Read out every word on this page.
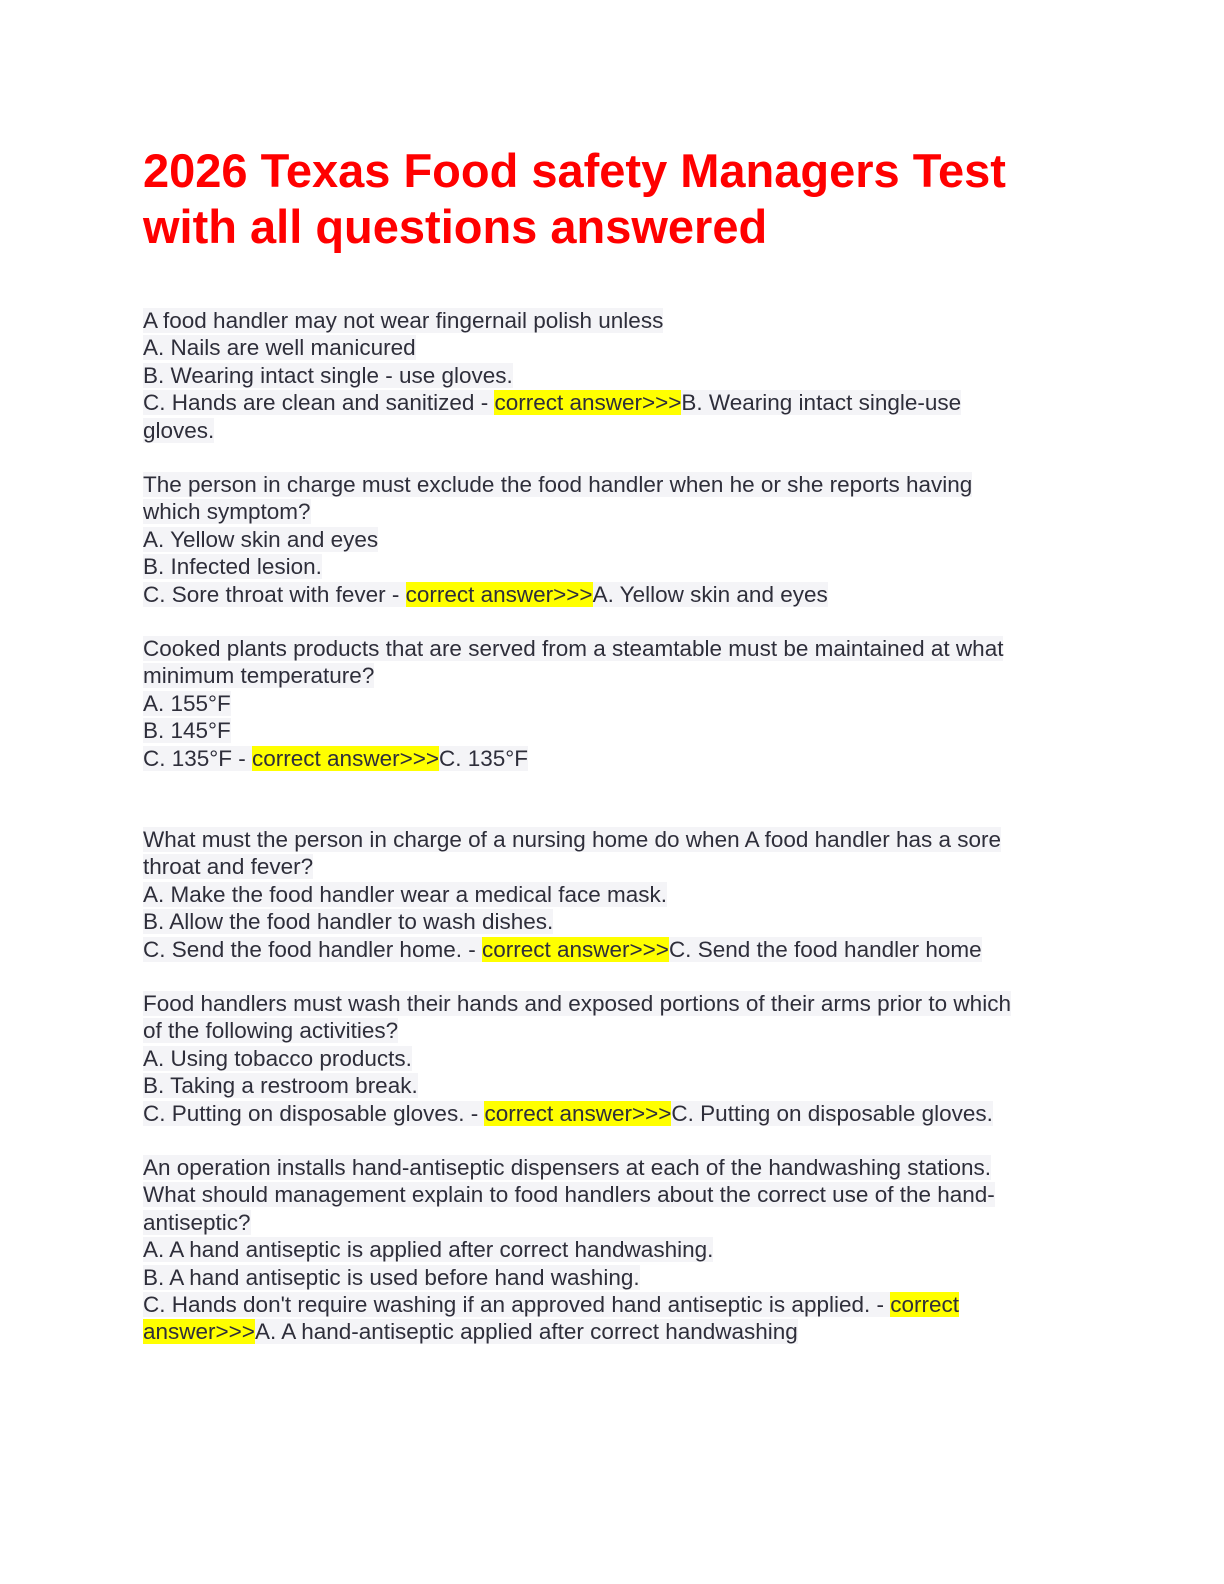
2026 Texas Food safety Managers Test
with all questions answered
A food handler may not wear fingernail polish unless
A. Nails are well manicured
B. Wearing intact single - use gloves.
C. Hands are clean and sanitized - correct answer>>>B. Wearing intact single-use
gloves.
The person in charge must exclude the food handler when he or she reports having
which symptom?
A. Yellow skin and eyes
B. Infected lesion.
C. Sore throat with fever - correct answer>>>A. Yellow skin and eyes
Cooked plants products that are served from a steamtable must be maintained at what
minimum temperature?
A. 155°F
B. 145°F
C. 135°F - correct answer>>>C. 135°F
What must the person in charge of a nursing home do when A food handler has a sore
throat and fever?
A. Make the food handler wear a medical face mask.
B. Allow the food handler to wash dishes.
C. Send the food handler home. - correct answer>>>C. Send the food handler home
Food handlers must wash their hands and exposed portions of their arms prior to which
of the following activities?
A. Using tobacco products.
B. Taking a restroom break.
C. Putting on disposable gloves. - correct answer>>>C. Putting on disposable gloves.
An operation installs hand-antiseptic dispensers at each of the handwashing stations.
What should management explain to food handlers about the correct use of the hand-
antiseptic?
A. A hand antiseptic is applied after correct handwashing.
B. A hand antiseptic is used before hand washing.
C. Hands don't require washing if an approved hand antiseptic is applied. - correct
answer>>>A. A hand-antiseptic applied after correct handwashing
